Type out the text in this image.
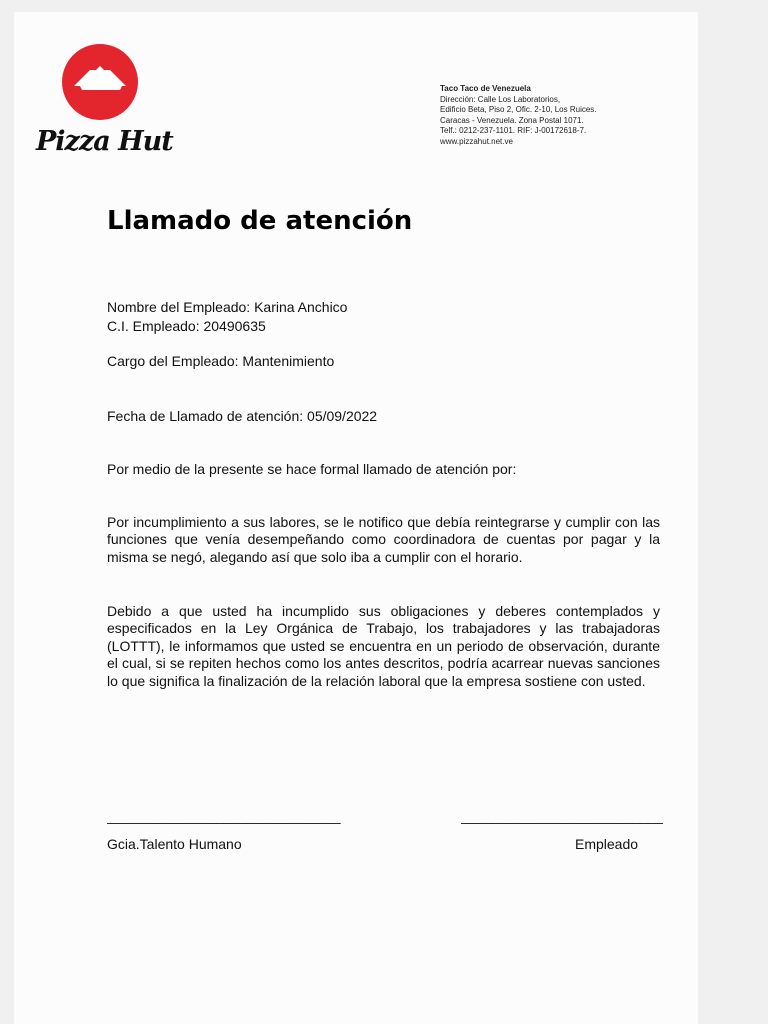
Pizza Hut
Taco Taco de Venezuela
Dirección: Calle Los Laboratorios,
Edificio Beta, Piso 2, Ofic. 2-10, Los Ruices.
Caracas - Venezuela. Zona Postal 1071.
Telf.: 0212-237-1101. RIF: J-00172618-7.
www.pizzahut.net.ve
Llamado de atención
Nombre del Empleado: Karina Anchico
C.I. Empleado: 20490635
Cargo del Empleado: Mantenimiento
Fecha de Llamado de atención: 05/09/2022
Por medio de la presente se hace formal llamado de atención por:
Por incumplimiento a sus labores, se le notifico que debía reintegrarse y cumplir con las funciones que venía desempeñando como coordinadora de cuentas por pagar y la misma se negó, alegando así que solo iba a cumplir con el horario.
Debido a que usted ha incumplido sus obligaciones y deberes contemplados y especificados en la Ley Orgánica de Trabajo, los trabajadores y las trabajadoras (LOTTT), le informamos que usted se encuentra en un periodo de observación, durante el cual, si se repiten hechos como los antes descritos, podría acarrear nuevas sanciones lo que significa la finalización de la relación laboral que la empresa sostiene con usted.
______________________________	__________________________
Gcia.Talento Humano	Empleado
